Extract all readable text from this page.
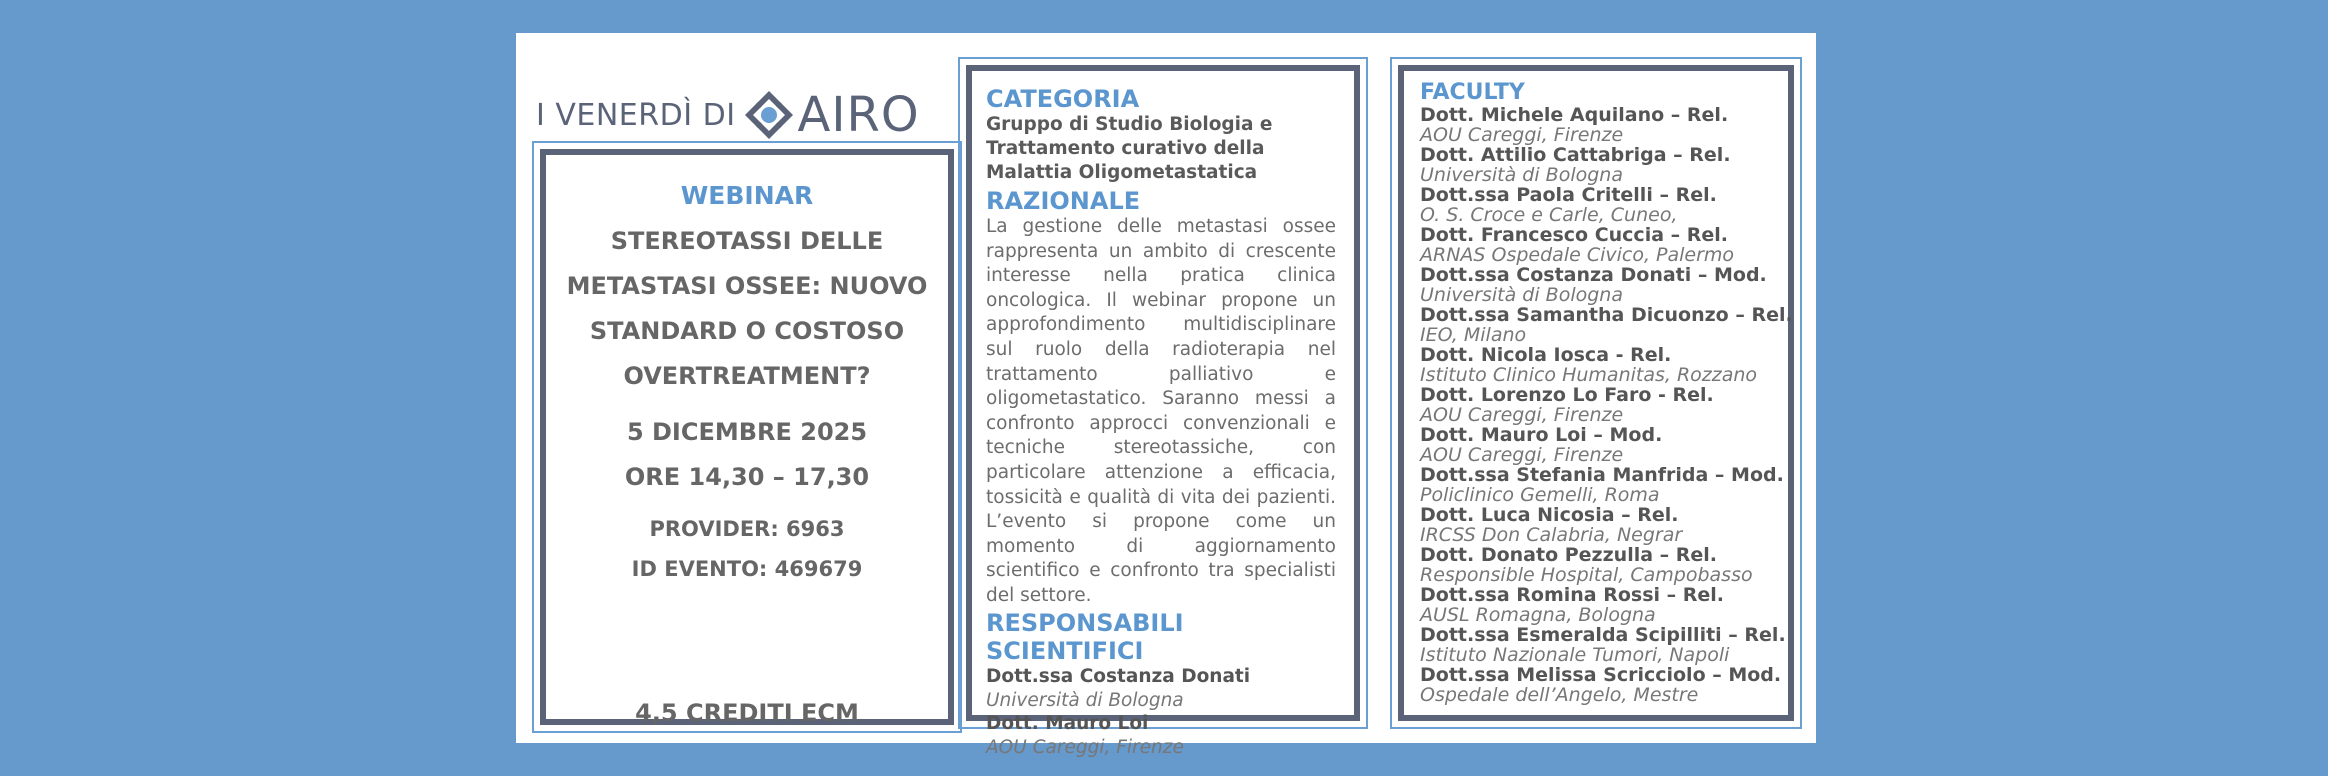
I VENERDÌ DI AIRO
WEBINAR
STEREOTASSI DELLE
METASTASI OSSEE: NUOVO
STANDARD O COSTOSO
OVERTREATMENT?
5 DICEMBRE 2025
ORE 14,30 – 17,30
PROVIDER: 6963
ID EVENTO: 469679
4,5 CREDITI ECM
CATEGORIA

Gruppo di Studio Biologia e Trattamento curativo della Malattia Oligometastatica

RAZIONALE

La gestione delle metastasi ossee rappresenta un ambito di crescente interesse nella pratica clinica oncologica. Il webinar propone un approfondimento multidisciplinare sul ruolo della radioterapia nel trattamento palliativo e oligometastatico. Saranno messi a confronto approcci convenzionali e tecniche stereotassiche, con particolare attenzione a efficacia, tossicità e qualità di vita dei pazienti. L’evento si propone come un momento di aggiornamento scientifico e confronto tra specialisti del settore.

RESPONSABILI SCIENTIFICI
Dott.ssa Costanza Donati
Università di Bologna
Dott. Mauro Loi
AOU Careggi, Firenze
FACULTY
Dott. Michele Aquilano – Rel.
AOU Careggi, Firenze
Dott. Attilio Cattabriga – Rel.
Università di Bologna
Dott.ssa Paola Critelli – Rel.
O. S. Croce e Carle, Cuneo,
Dott. Francesco Cuccia – Rel.
ARNAS Ospedale Civico, Palermo
Dott.ssa Costanza Donati – Mod.
Università di Bologna
Dott.ssa Samantha Dicuonzo – Rel.
IEO, Milano
Dott. Nicola Iosca - Rel.
Istituto Clinico Humanitas, Rozzano
Dott. Lorenzo Lo Faro - Rel.
AOU Careggi, Firenze
Dott. Mauro Loi – Mod.
AOU Careggi, Firenze
Dott.ssa Stefania Manfrida – Mod.
Policlinico Gemelli, Roma
Dott. Luca Nicosia – Rel.
IRCSS Don Calabria, Negrar
Dott. Donato Pezzulla – Rel.
Responsible Hospital, Campobasso
Dott.ssa Romina Rossi – Rel.
AUSL Romagna, Bologna
Dott.ssa Esmeralda Scipilliti – Rel.
Istituto Nazionale Tumori, Napoli
Dott.ssa Melissa Scricciolo – Mod.
Ospedale dell’Angelo, Mestre
